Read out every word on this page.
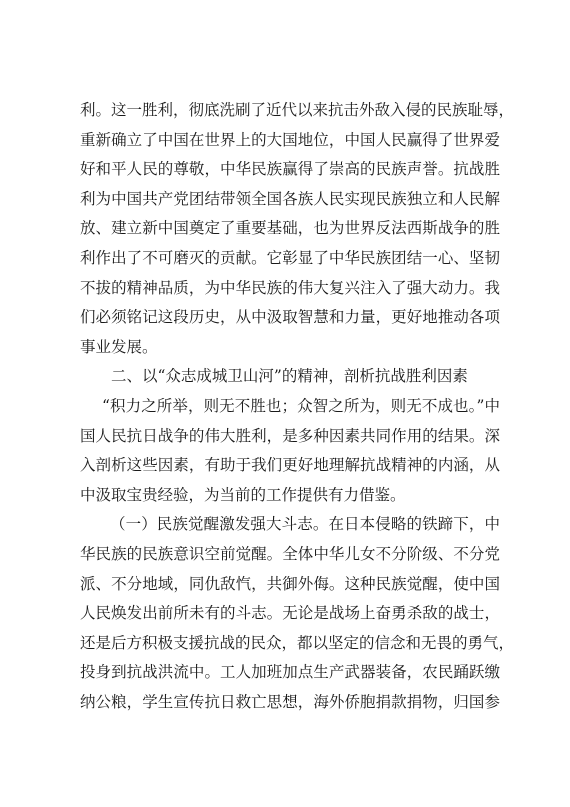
利。这一胜利，彻底洗刷了近代以来抗击外敌入侵的民族耻辱，
重新确立了中国在世界上的大国地位，中国人民赢得了世界爱
好和平人民的尊敬，中华民族赢得了崇高的民族声誉。抗战胜
利为中国共产党团结带领全国各族人民实现民族独立和人民解
放、建立新中国奠定了重要基础，也为世界反法西斯战争的胜
利作出了不可磨灭的贡献。它彰显了中华民族团结一心、坚韧
不拔的精神品质，为中华民族的伟大复兴注入了强大动力。我
们必须铭记这段历史，从中汲取智慧和力量，更好地推动各项
事业发展。
二、以“众志成城卫山河”的精神，剖析抗战胜利因素
“积力之所举，则无不胜也；众智之所为，则无不成也。”中
国人民抗日战争的伟大胜利，是多种因素共同作用的结果。深
入剖析这些因素，有助于我们更好地理解抗战精神的内涵，从
中汲取宝贵经验，为当前的工作提供有力借鉴。
（一）民族觉醒激发强大斗志。在日本侵略的铁蹄下，中
华民族的民族意识空前觉醒。全体中华儿女不分阶级、不分党
派、不分地域，同仇敌忾，共御外侮。这种民族觉醒，使中国
人民焕发出前所未有的斗志。无论是战场上奋勇杀敌的战士，
还是后方积极支援抗战的民众，都以坚定的信念和无畏的勇气，
投身到抗战洪流中。工人加班加点生产武器装备，农民踊跃缴
纳公粮，学生宣传抗日救亡思想，海外侨胞捐款捐物，归国参
